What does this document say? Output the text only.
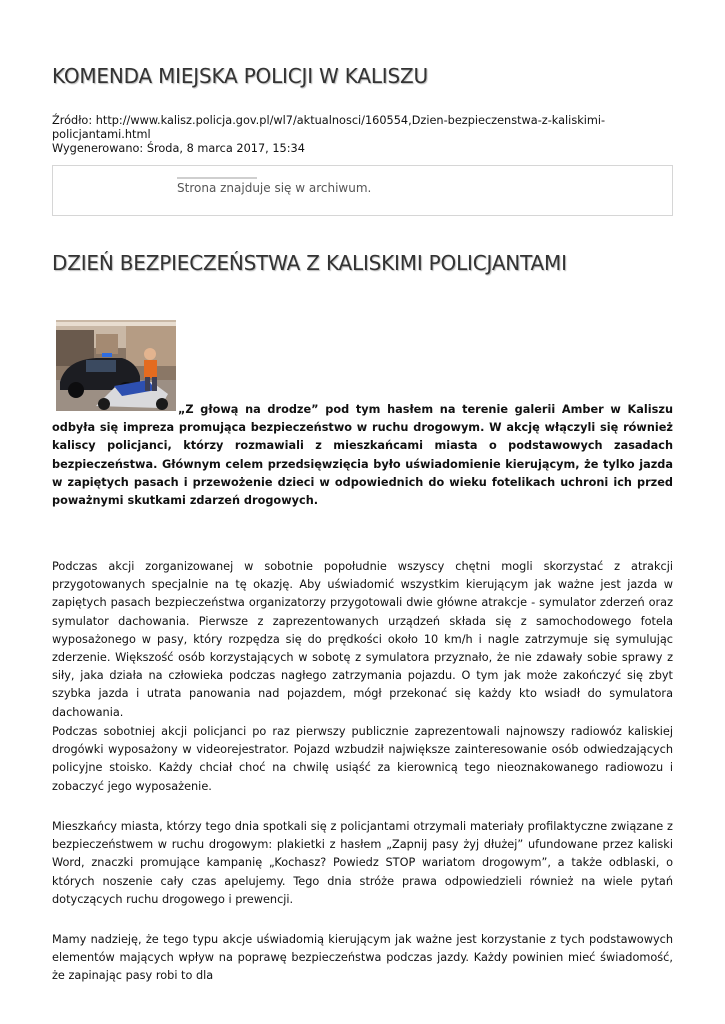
KOMENDA MIEJSKA POLICJI W KALISZU
Źródło: http://www.kalisz.policja.gov.pl/wl7/aktualnosci/160554,Dzien-bezpieczenstwa-z-kaliskimi-policjantami.html
Wygenerowano: Środa, 8 marca 2017, 15:34
Strona znajduje się w archiwum.
DZIEŃ BEZPIECZEŃSTWA Z KALISKIMI POLICJANTAMI

„Z głową na drodze” pod tym hasłem na terenie galerii Amber w Kaliszu odbyła się impreza promująca bezpieczeństwo w ruchu drogowym. W akcję włączyli się również kaliscy policjanci, którzy rozmawiali z mieszkańcami miasta o podstawowych zasadach bezpieczeństwa. Głównym celem przedsięwzięcia było uświadomienie kierującym, że tylko jazda w zapiętych pasach i przewożenie dzieci w odpowiednich do wieku fotelikach uchroni ich przed poważnymi skutkami zdarzeń drogowych.

Podczas akcji zorganizowanej w sobotnie popołudnie wszyscy chętni mogli skorzystać z atrakcji przygotowanych specjalnie na tę okazję. Aby uświadomić wszystkim kierującym jak ważne jest jazda w zapiętych pasach bezpieczeństwa organizatorzy przygotowali dwie główne atrakcje - symulator zderzeń oraz symulator dachowania. Pierwsze z zaprezentowanych urządzeń składa się z samochodowego fotela wyposażonego w pasy, który rozpędza się do prędkości około 10 km/h i nagle zatrzymuje się symulując zderzenie. Większość osób korzystających w sobotę z symulatora przyznało, że nie zdawały sobie sprawy z siły, jaka działa na człowieka podczas nagłego zatrzymania pojazdu. O tym jak może zakończyć się zbyt szybka jazda i utrata panowania nad pojazdem, mógł przekonać się każdy kto wsiadł do symulatora dachowania.

Podczas sobotniej akcji policjanci po raz pierwszy publicznie zaprezentowali najnowszy radiowóz kaliskiej drogówki wyposażony w videorejestrator. Pojazd wzbudził największe zainteresowanie osób odwiedzających policyjne stoisko. Każdy chciał choć na chwilę usiąść za kierownicą tego nieoznakowanego radiowozu i zobaczyć jego wyposażenie.

Mieszkańcy miasta, którzy tego dnia spotkali się z policjantami otrzymali materiały profilaktyczne związane z bezpieczeństwem w ruchu drogowym: plakietki z hasłem „Zapnij pasy żyj dłużej” ufundowane przez kaliski Word, znaczki promujące kampanię „Kochasz? Powiedz STOP wariatom drogowym”, a także odblaski, o których noszenie cały czas apelujemy. Tego dnia stróże prawa odpowiedzieli również na wiele pytań dotyczących ruchu drogowego i prewencji.

Mamy nadzieję, że tego typu akcje uświadomią kierującym jak ważne jest korzystanie z tych podstawowych elementów mających wpływ na poprawę bezpieczeństwa podczas jazdy. Każdy powinien mieć świadomość, że zapinając pasy robi to dla
